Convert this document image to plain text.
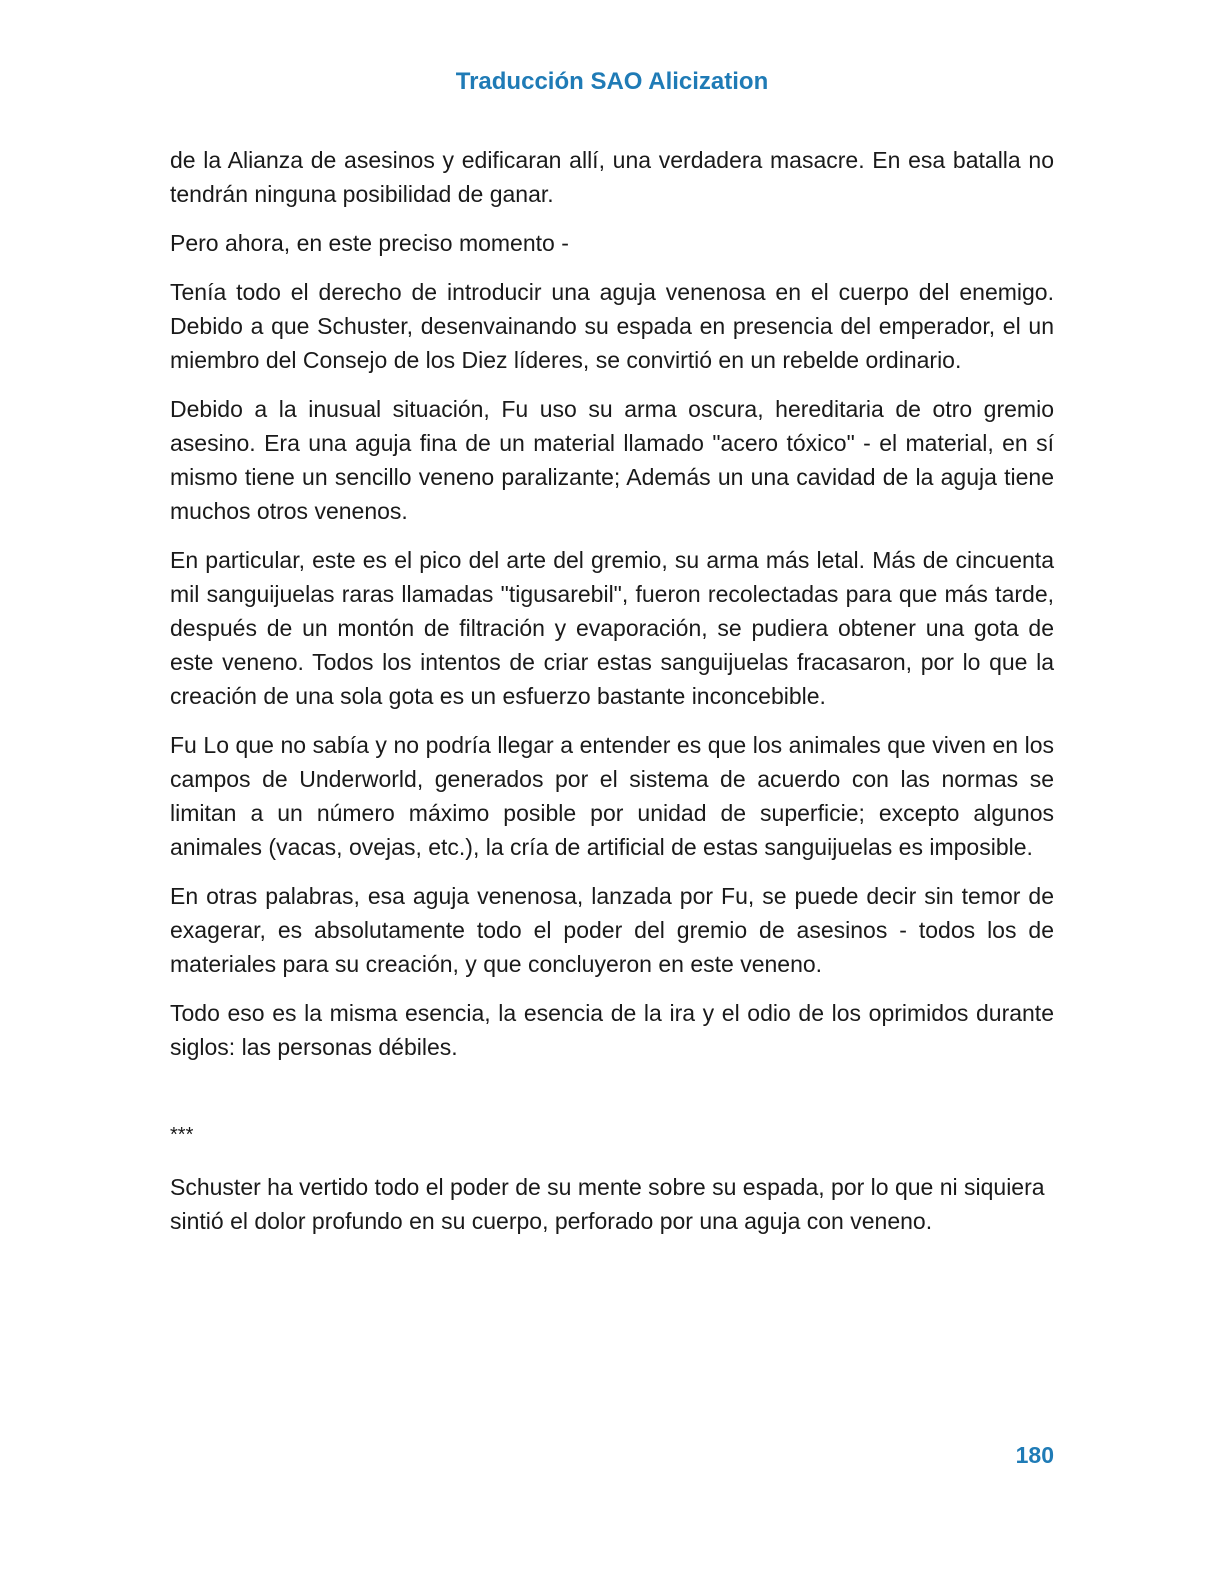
Traducción SAO Alicization

de la Alianza de asesinos y edificaran allí, una verdadera masacre. En esa batalla no tendrán ninguna posibilidad de ganar.

Pero ahora, en este preciso momento -

Tenía todo el derecho de introducir una aguja venenosa en el cuerpo del enemigo. Debido a que Schuster, desenvainando su espada en presencia del emperador, el un miembro del Consejo de los Diez líderes, se convirtió en un rebelde ordinario.

Debido a la inusual situación, Fu uso su arma oscura, hereditaria de otro gremio asesino. Era una aguja fina de un material llamado "acero tóxico" - el material, en sí mismo tiene un sencillo veneno paralizante; Además un una cavidad de la aguja tiene muchos otros venenos.

En particular, este es el pico del arte del gremio, su arma más letal. Más de cincuenta mil sanguijuelas raras llamadas "tigusarebil", fueron recolectadas para que más tarde, después de un montón de filtración y evaporación, se pudiera obtener una gota de este veneno. Todos los intentos de criar estas sanguijuelas fracasaron, por lo que la creación de una sola gota es un esfuerzo bastante inconcebible.

Fu Lo que no sabía y no podría llegar a entender es que los animales que viven en los campos de Underworld, generados por el sistema de acuerdo con las normas se limitan a un número máximo posible por unidad de superficie; excepto algunos animales (vacas, ovejas, etc.), la cría de artificial de estas sanguijuelas es imposible.

En otras palabras, esa aguja venenosa, lanzada por Fu, se puede decir sin temor de exagerar, es absolutamente todo el poder del gremio de asesinos - todos los de materiales para su creación, y que concluyeron en este veneno.

Todo eso es la misma esencia, la esencia de la ira y el odio de los oprimidos durante siglos: las personas débiles.

***

Schuster ha vertido todo el poder de su mente sobre su espada, por lo que ni siquiera sintió el dolor profundo en su cuerpo, perforado por una aguja con veneno.

180
